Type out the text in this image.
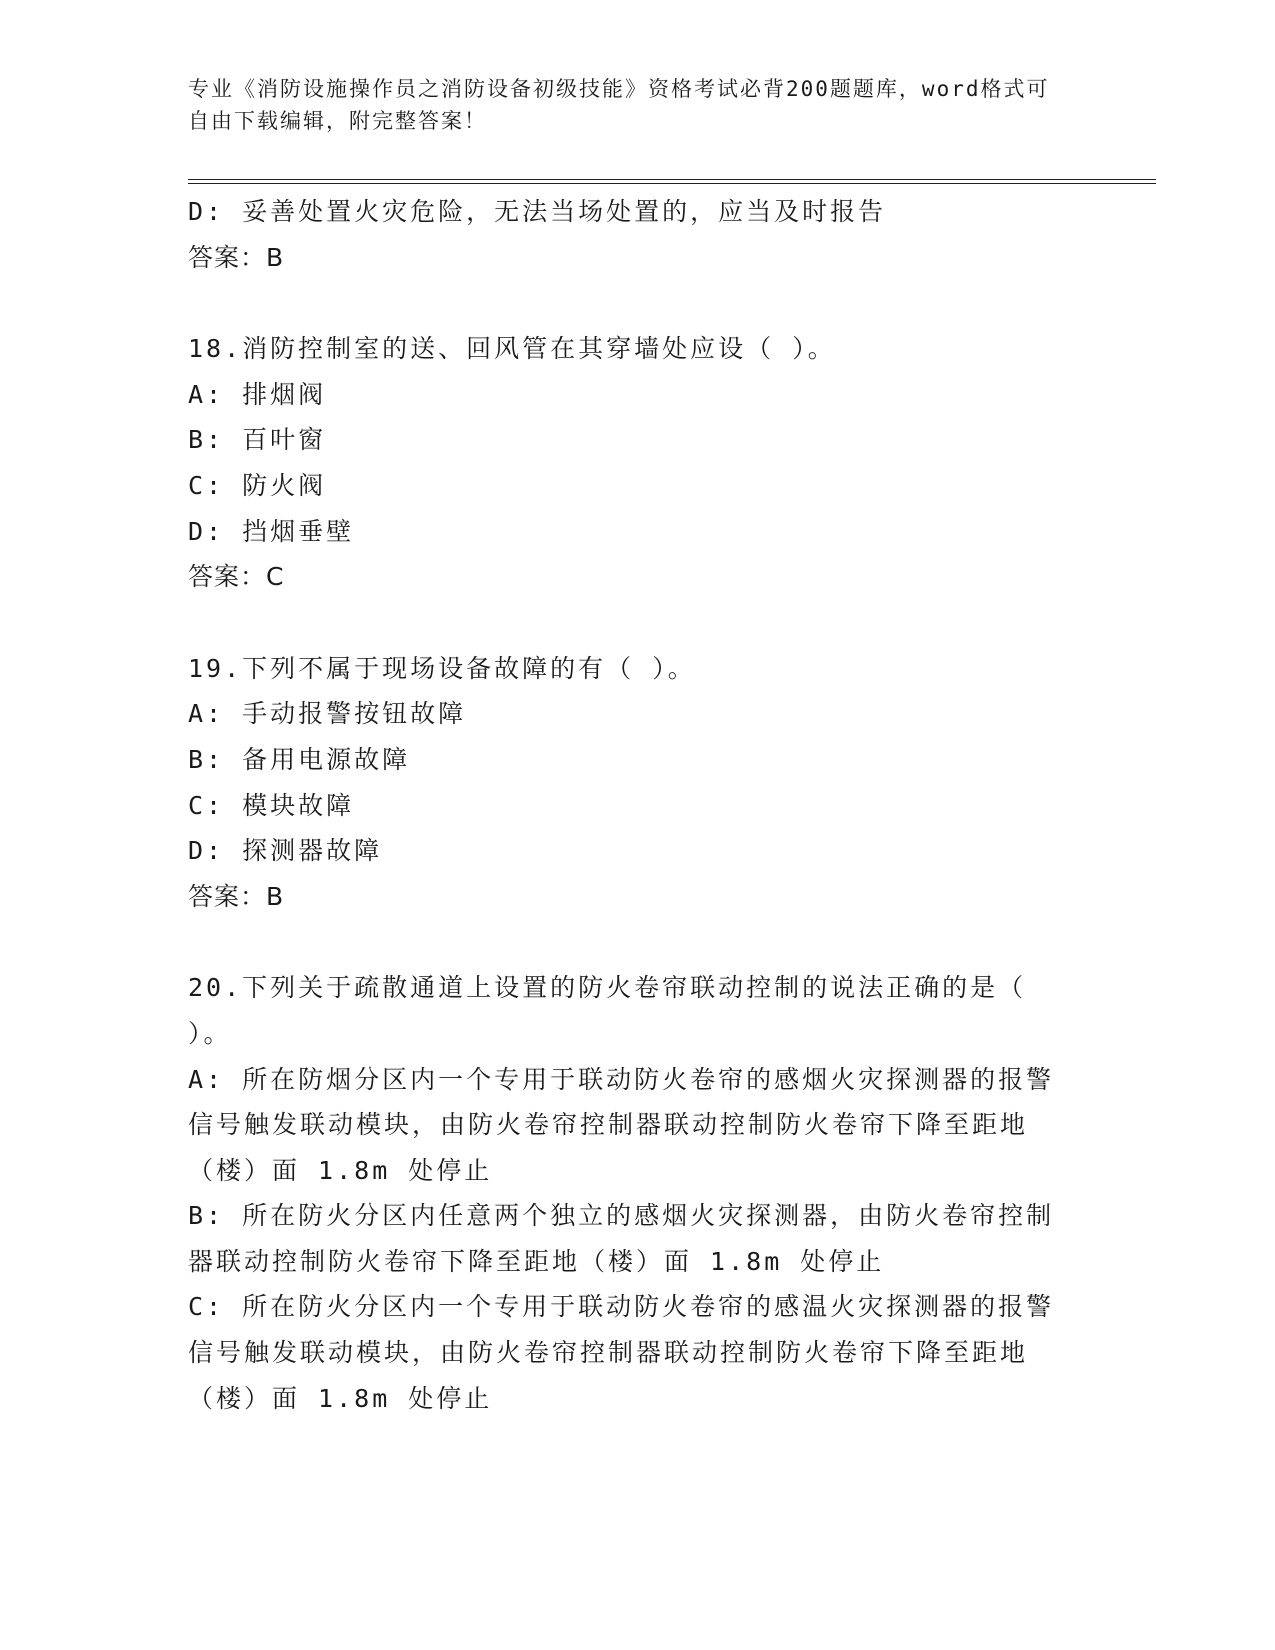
专业《消防设施操作员之消防设备初级技能》资格考试必背200题题库，word格式可自由下载编辑，附完整答案！
D: 妥善处置火灾危险，无法当场处置的，应当及时报告
答案：B
18.消防控制室的送、回风管在其穿墙处应设（ ）。
A: 排烟阀
B: 百叶窗
C: 防火阀
D: 挡烟垂壁
答案：C
19.下列不属于现场设备故障的有（ ）。
A: 手动报警按钮故障
B: 备用电源故障
C: 模块故障
D: 探测器故障
答案：B
20.下列关于疏散通道上设置的防火卷帘联动控制的说法正确的是（
）。
A: 所在防烟分区内一个专用于联动防火卷帘的感烟火灾探测器的报警
信号触发联动模块，由防火卷帘控制器联动控制防火卷帘下降至距地
（楼）面 1.8m 处停止
B: 所在防火分区内任意两个独立的感烟火灾探测器，由防火卷帘控制
器联动控制防火卷帘下降至距地（楼）面 1.8m 处停止
C: 所在防火分区内一个专用于联动防火卷帘的感温火灾探测器的报警
信号触发联动模块，由防火卷帘控制器联动控制防火卷帘下降至距地
（楼）面 1.8m 处停止
